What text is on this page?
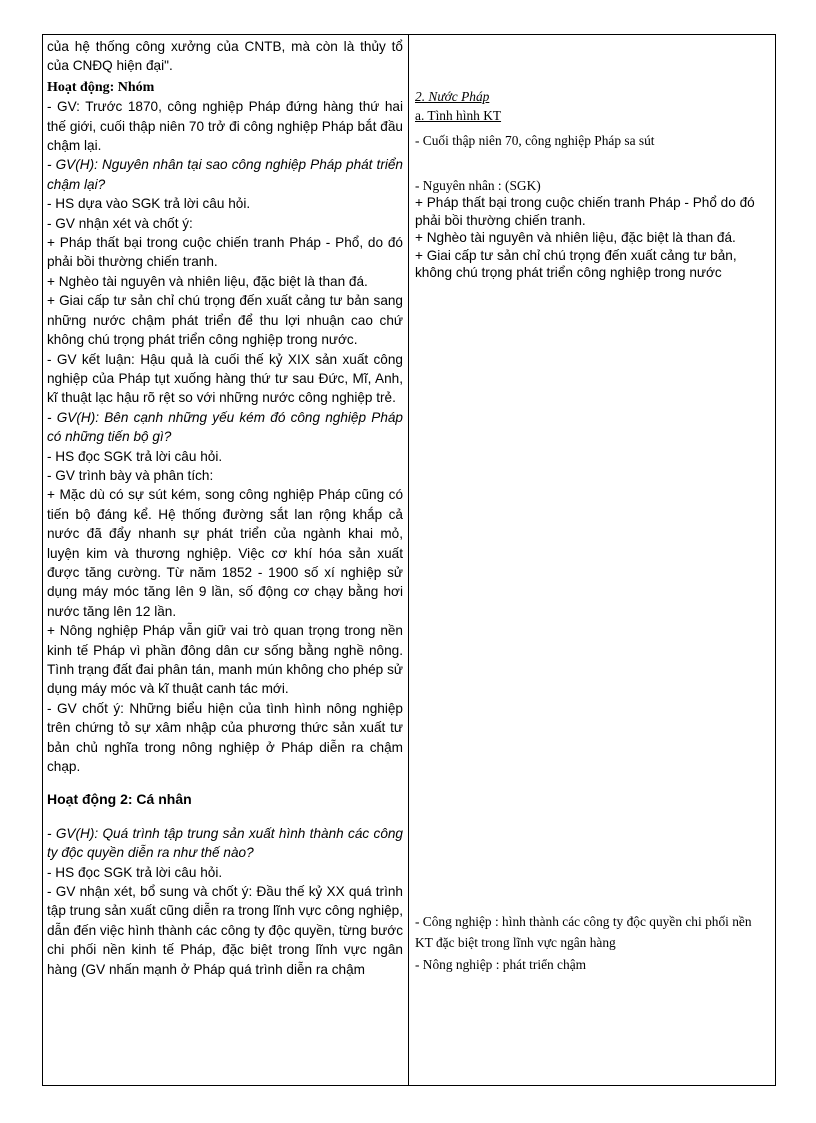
của hệ thống công xưởng của CNTB, mà còn là thủy tổ của CNĐQ hiện đại".

Hoạt động: Nhóm

- GV: Trước 1870, công nghiệp Pháp đứng hàng thứ hai thế giới, cuối thập niên 70 trở đi công nghiệp Pháp bắt đầu chậm lại.

- GV(H): Nguyên nhân tại sao công nghiệp Pháp phát triển chậm lại?

- HS dựa vào SGK trả lời câu hỏi.

- GV nhận xét và chốt ý:

+ Pháp thất bại trong cuộc chiến tranh Pháp - Phổ, do đó phải bồi thường chiến tranh.

+ Nghèo tài nguyên và nhiên liệu, đặc biệt là than đá.

+ Giai cấp tư sản chỉ chú trọng đến xuất cảng tư bản sang những nước chậm phát triển để thu lợi nhuận cao chứ không chú trọng phát triển công nghiệp trong nước.

- GV kết luận: Hậu quả là cuối thế kỷ XIX sản xuất công nghiệp của Pháp tụt xuống hàng thứ tư sau Đức, Mĩ, Anh, kĩ thuật lạc hậu rõ rệt so với những nước công nghiệp trẻ.

- GV(H): Bên cạnh những yếu kém đó công nghiệp Pháp có những tiến bộ gì?

- HS đọc SGK trả lời câu hỏi.

- GV trình bày và phân tích:

+ Mặc dù có sự sút kém, song công nghiệp Pháp cũng có tiến bộ đáng kể. Hệ thống đường sắt lan rộng khắp cả nước đã đẩy nhanh sự phát triển của ngành khai mỏ, luyện kim và thương nghiệp. Việc cơ khí hóa sản xuất được tăng cường. Từ năm 1852 - 1900 số xí nghiệp sử dụng máy móc tăng lên 9 lần, số động cơ chạy bằng hơi nước tăng lên 12 lần.

+ Nông nghiệp Pháp vẫn giữ vai trò quan trọng trong nền kinh tế Pháp vì phần đông dân cư sống bằng nghề nông. Tình trạng đất đai phân tán, manh mún không cho phép sử dụng máy móc và kĩ thuật canh tác mới.

- GV chốt ý: Những biểu hiện của tình hình nông nghiệp trên chứng tỏ sự xâm nhập của phương thức sản xuất tư bản chủ nghĩa trong nông nghiệp ở Pháp diễn ra chậm chạp.

Hoạt động 2: Cá nhân

- GV(H): Quá trình tập trung sản xuất hình thành các công ty độc quyền diễn ra như thế nào?

- HS đọc SGK trả lời câu hỏi.

- GV nhận xét, bổ sung và chốt ý: Đầu thế kỷ XX quá trình tập trung sản xuất cũng diễn ra trong lĩnh vực công nghiệp, dẫn đến việc hình thành các công ty độc quyền, từng bước chi phối nền kinh tế Pháp, đặc biệt trong lĩnh vực ngân hàng (GV nhấn mạnh ở Pháp quá trình diễn ra chậm

2. Nước Pháp

a. Tình hình KT

- Cuối thập niên 70, công nghiệp Pháp sa sút

- Nguyên nhân : (SGK)

+ Pháp thất bại trong cuộc chiến tranh Pháp - Phổ do đó phải bồi thường chiến tranh.

+ Nghèo tài nguyên và nhiên liệu, đặc biệt là than đá.

+ Giai cấp tư sản chỉ chú trọng đến xuất cảng tư bản, không chú trọng phát triển công nghiệp trong nước

- Công nghiệp : hình thành các công ty độc quyền chi phối nền KT đặc biệt trong lĩnh vực ngân hàng

- Nông nghiệp : phát triển chậm
